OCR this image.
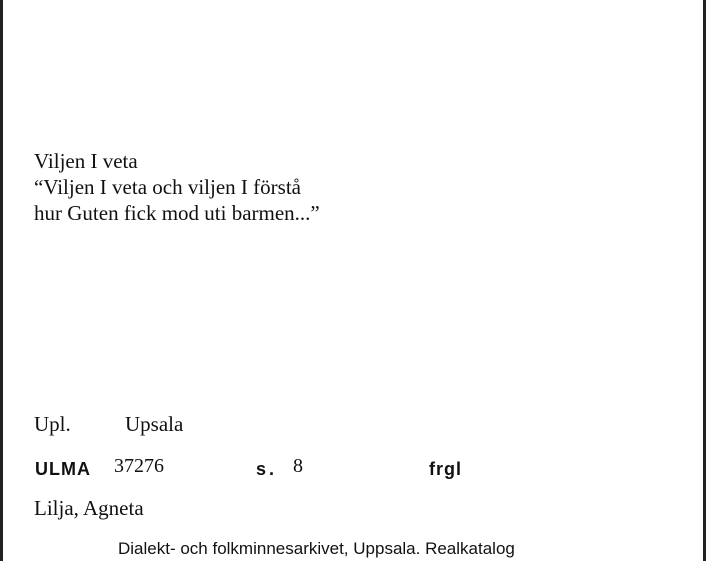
Viljen I veta
“Viljen I veta och viljen I förstå
hur Guten fick mod uti barmen...”
Upl.	Upsala
ULMA 37276	s. 8	frgl
Lilja, Agneta
Dialekt- och folkminnesarkivet, Uppsala. Realkatalog
